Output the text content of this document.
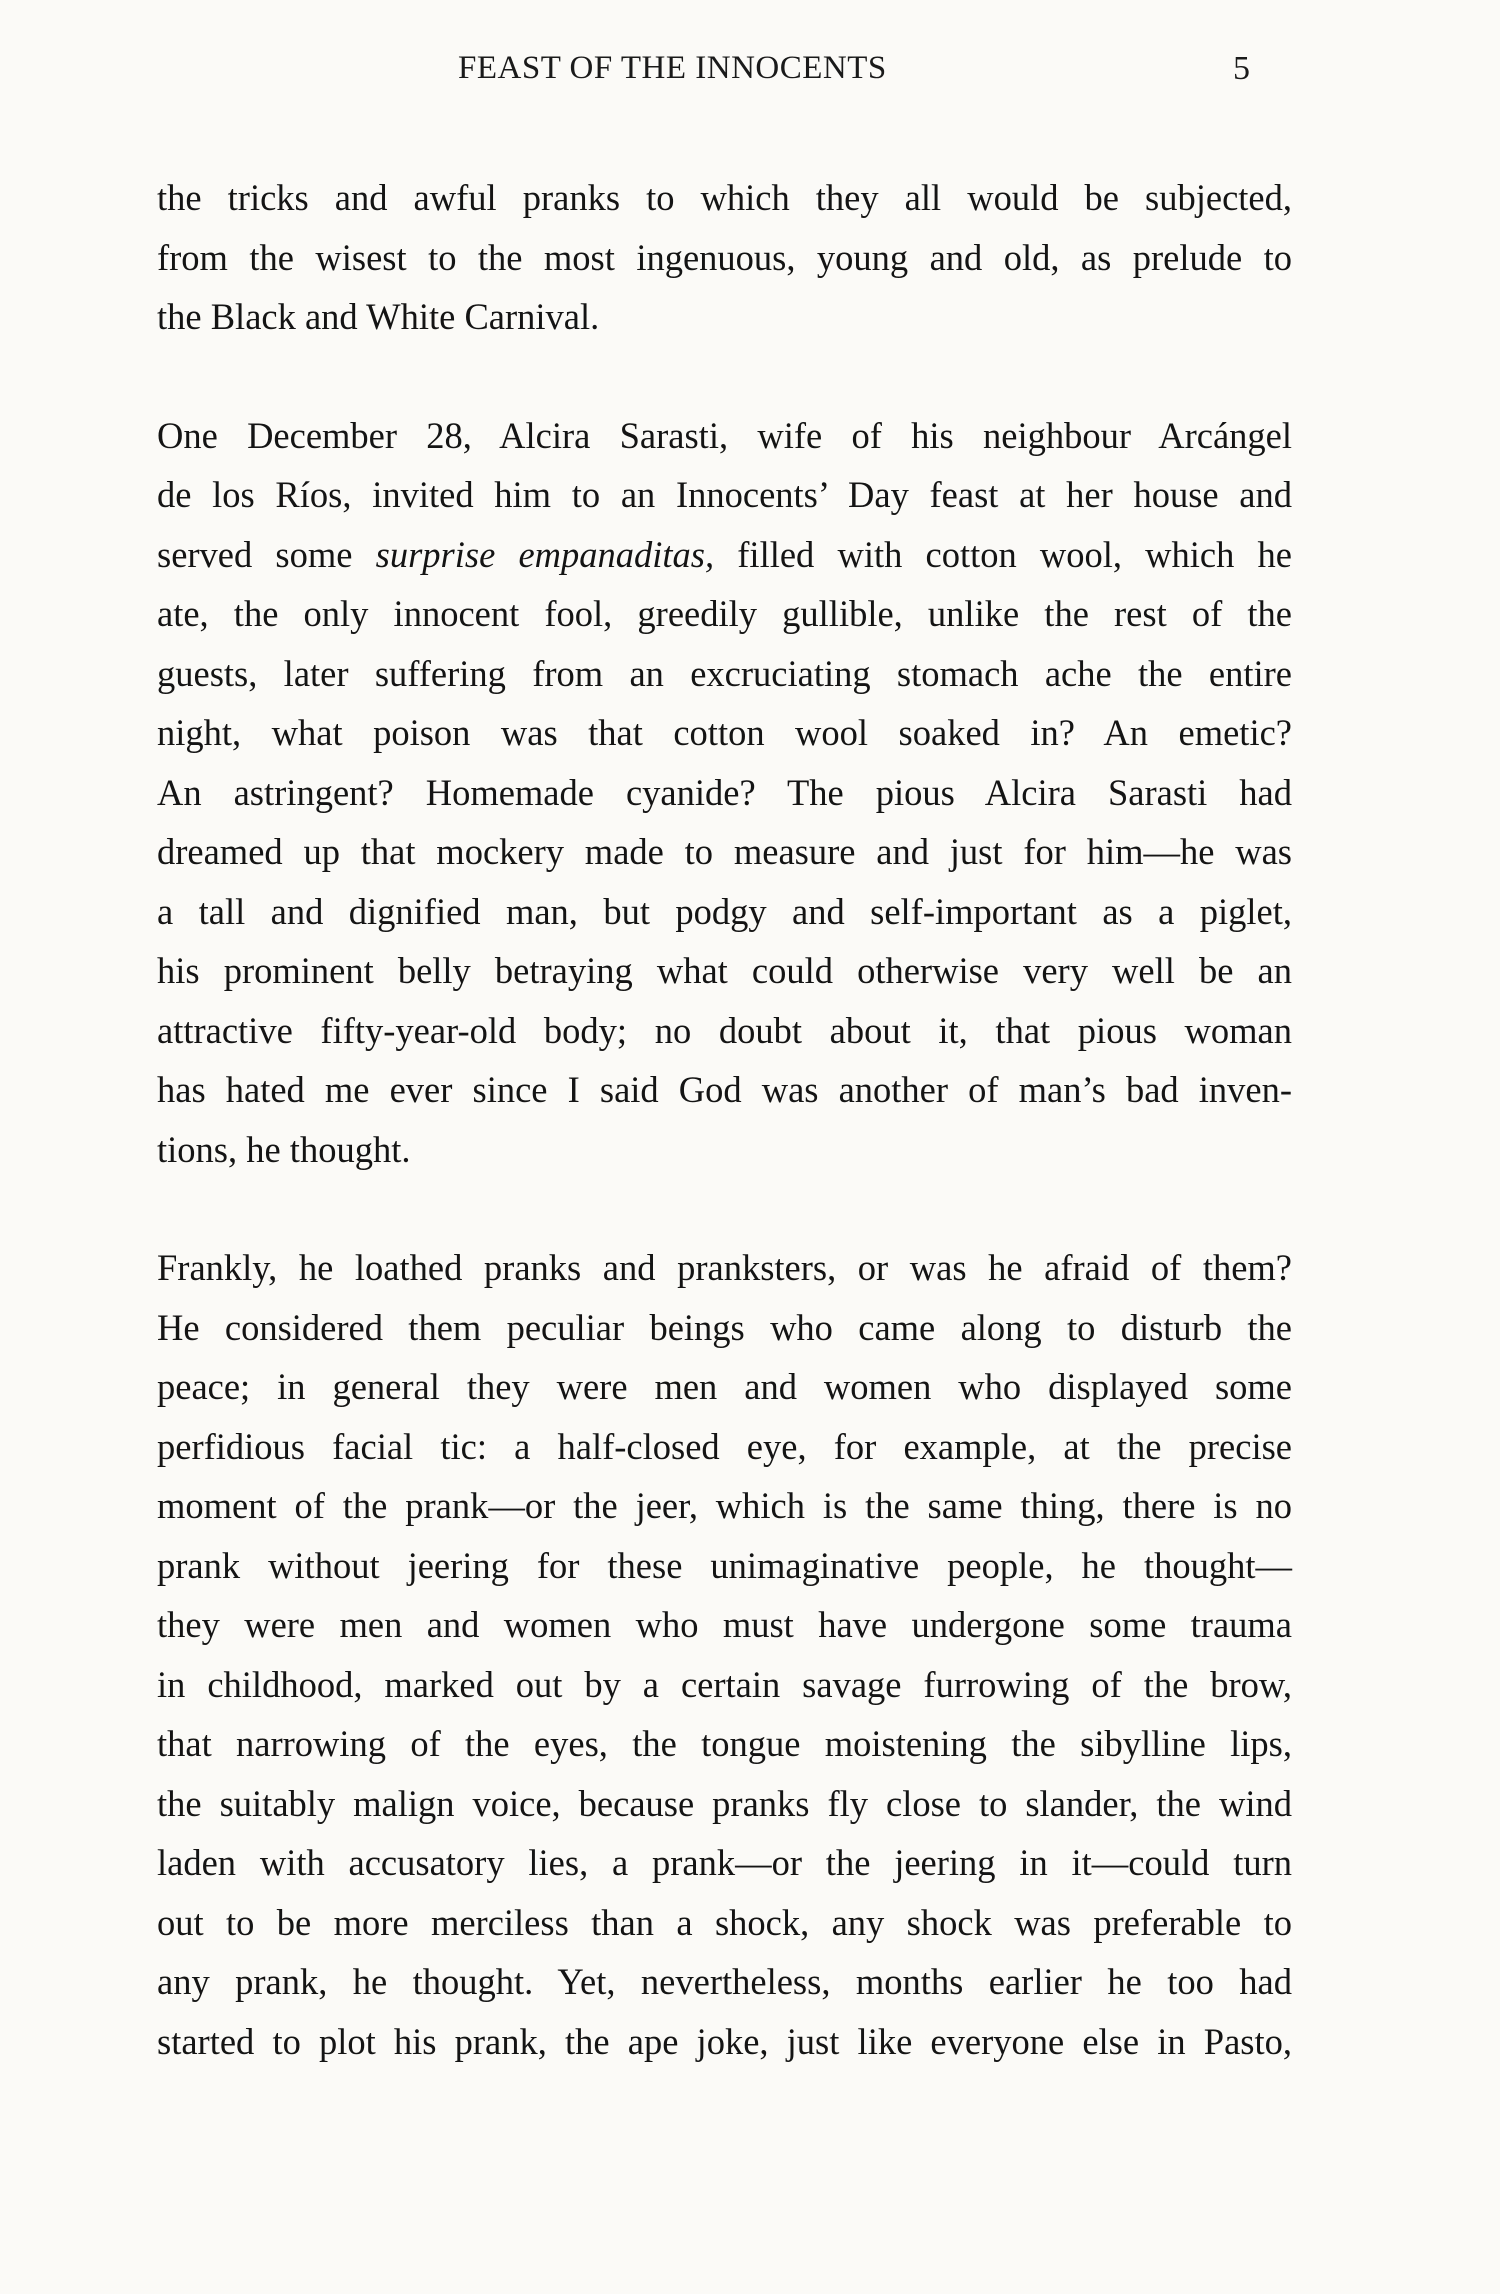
FEAST OF THE INNOCENTS	5

the tricks and awful pranks to which they all would be subjected,
from the wisest to the most ingenuous, young and old, as prelude to
the Black and White Carnival.

One December 28, Alcira Sarasti, wife of his neighbour Arcángel
de los Ríos, invited him to an Innocents’ Day feast at her house and
served some surprise empanaditas, filled with cotton wool, which he
ate, the only innocent fool, greedily gullible, unlike the rest of the
guests, later suffering from an excruciating stomach ache the entire
night, what poison was that cotton wool soaked in? An emetic?
An astringent? Homemade cyanide? The pious Alcira Sarasti had
dreamed up that mockery made to measure and just for him—he was
a tall and dignified man, but podgy and self-important as a piglet,
his prominent belly betraying what could otherwise very well be an
attractive fifty-year-old body; no doubt about it, that pious woman
has hated me ever since I said God was another of man’s bad inven-
tions, he thought.

Frankly, he loathed pranks and pranksters, or was he afraid of them?
He considered them peculiar beings who came along to disturb the
peace; in general they were men and women who displayed some
perfidious facial tic: a half-closed eye, for example, at the precise
moment of the prank—or the jeer, which is the same thing, there is no
prank without jeering for these unimaginative people, he thought—
they were men and women who must have undergone some trauma
in childhood, marked out by a certain savage furrowing of the brow,
that narrowing of the eyes, the tongue moistening the sibylline lips,
the suitably malign voice, because pranks fly close to slander, the wind
laden with accusatory lies, a prank—or the jeering in it—could turn
out to be more merciless than a shock, any shock was preferable to
any prank, he thought. Yet, nevertheless, months earlier he too had
started to plot his prank, the ape joke, just like everyone else in Pasto,
